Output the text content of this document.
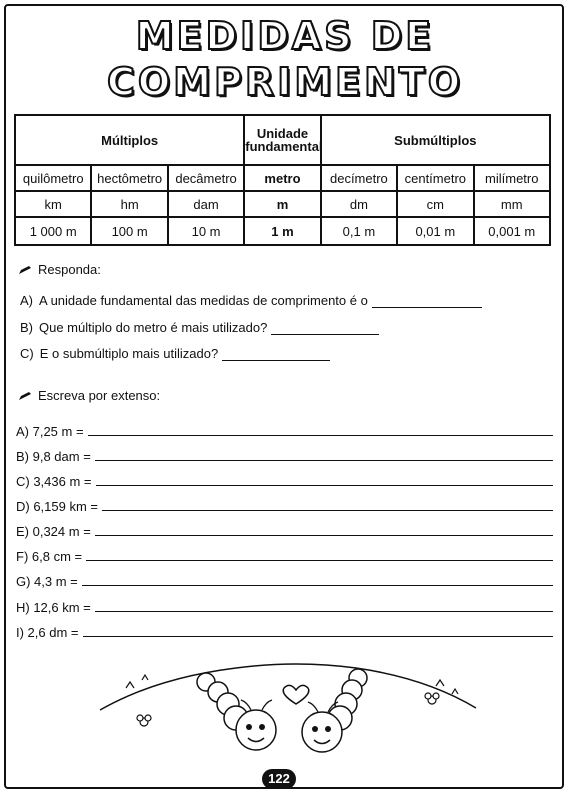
MEDIDAS DE
COMPRIMENTO
Múltiplos			Unidade fundamental	Submúltiplos		
quilômetro	hectômetro	decâmetro	metro	decímetro	centímetro	milímetro
km	hm	dam	m	dm	cm	mm
1 000 m	100 m	10 m	1 m	0,1 m	0,01 m	0,001 m
Responda:
A) A unidade fundamental das medidas de comprimento é o
B) Que múltiplo do metro é mais utilizado?
C) E o submúltiplo mais utilizado?
Escreva por extenso:
A) 7,25 m =
B) 9,8 dam =
C) 3,436 m =
D) 6,159 km =
E) 0,324 m =
F) 6,8 cm =
G) 4,3 m =
H) 12,6 km =
I) 2,6 dm =
122
